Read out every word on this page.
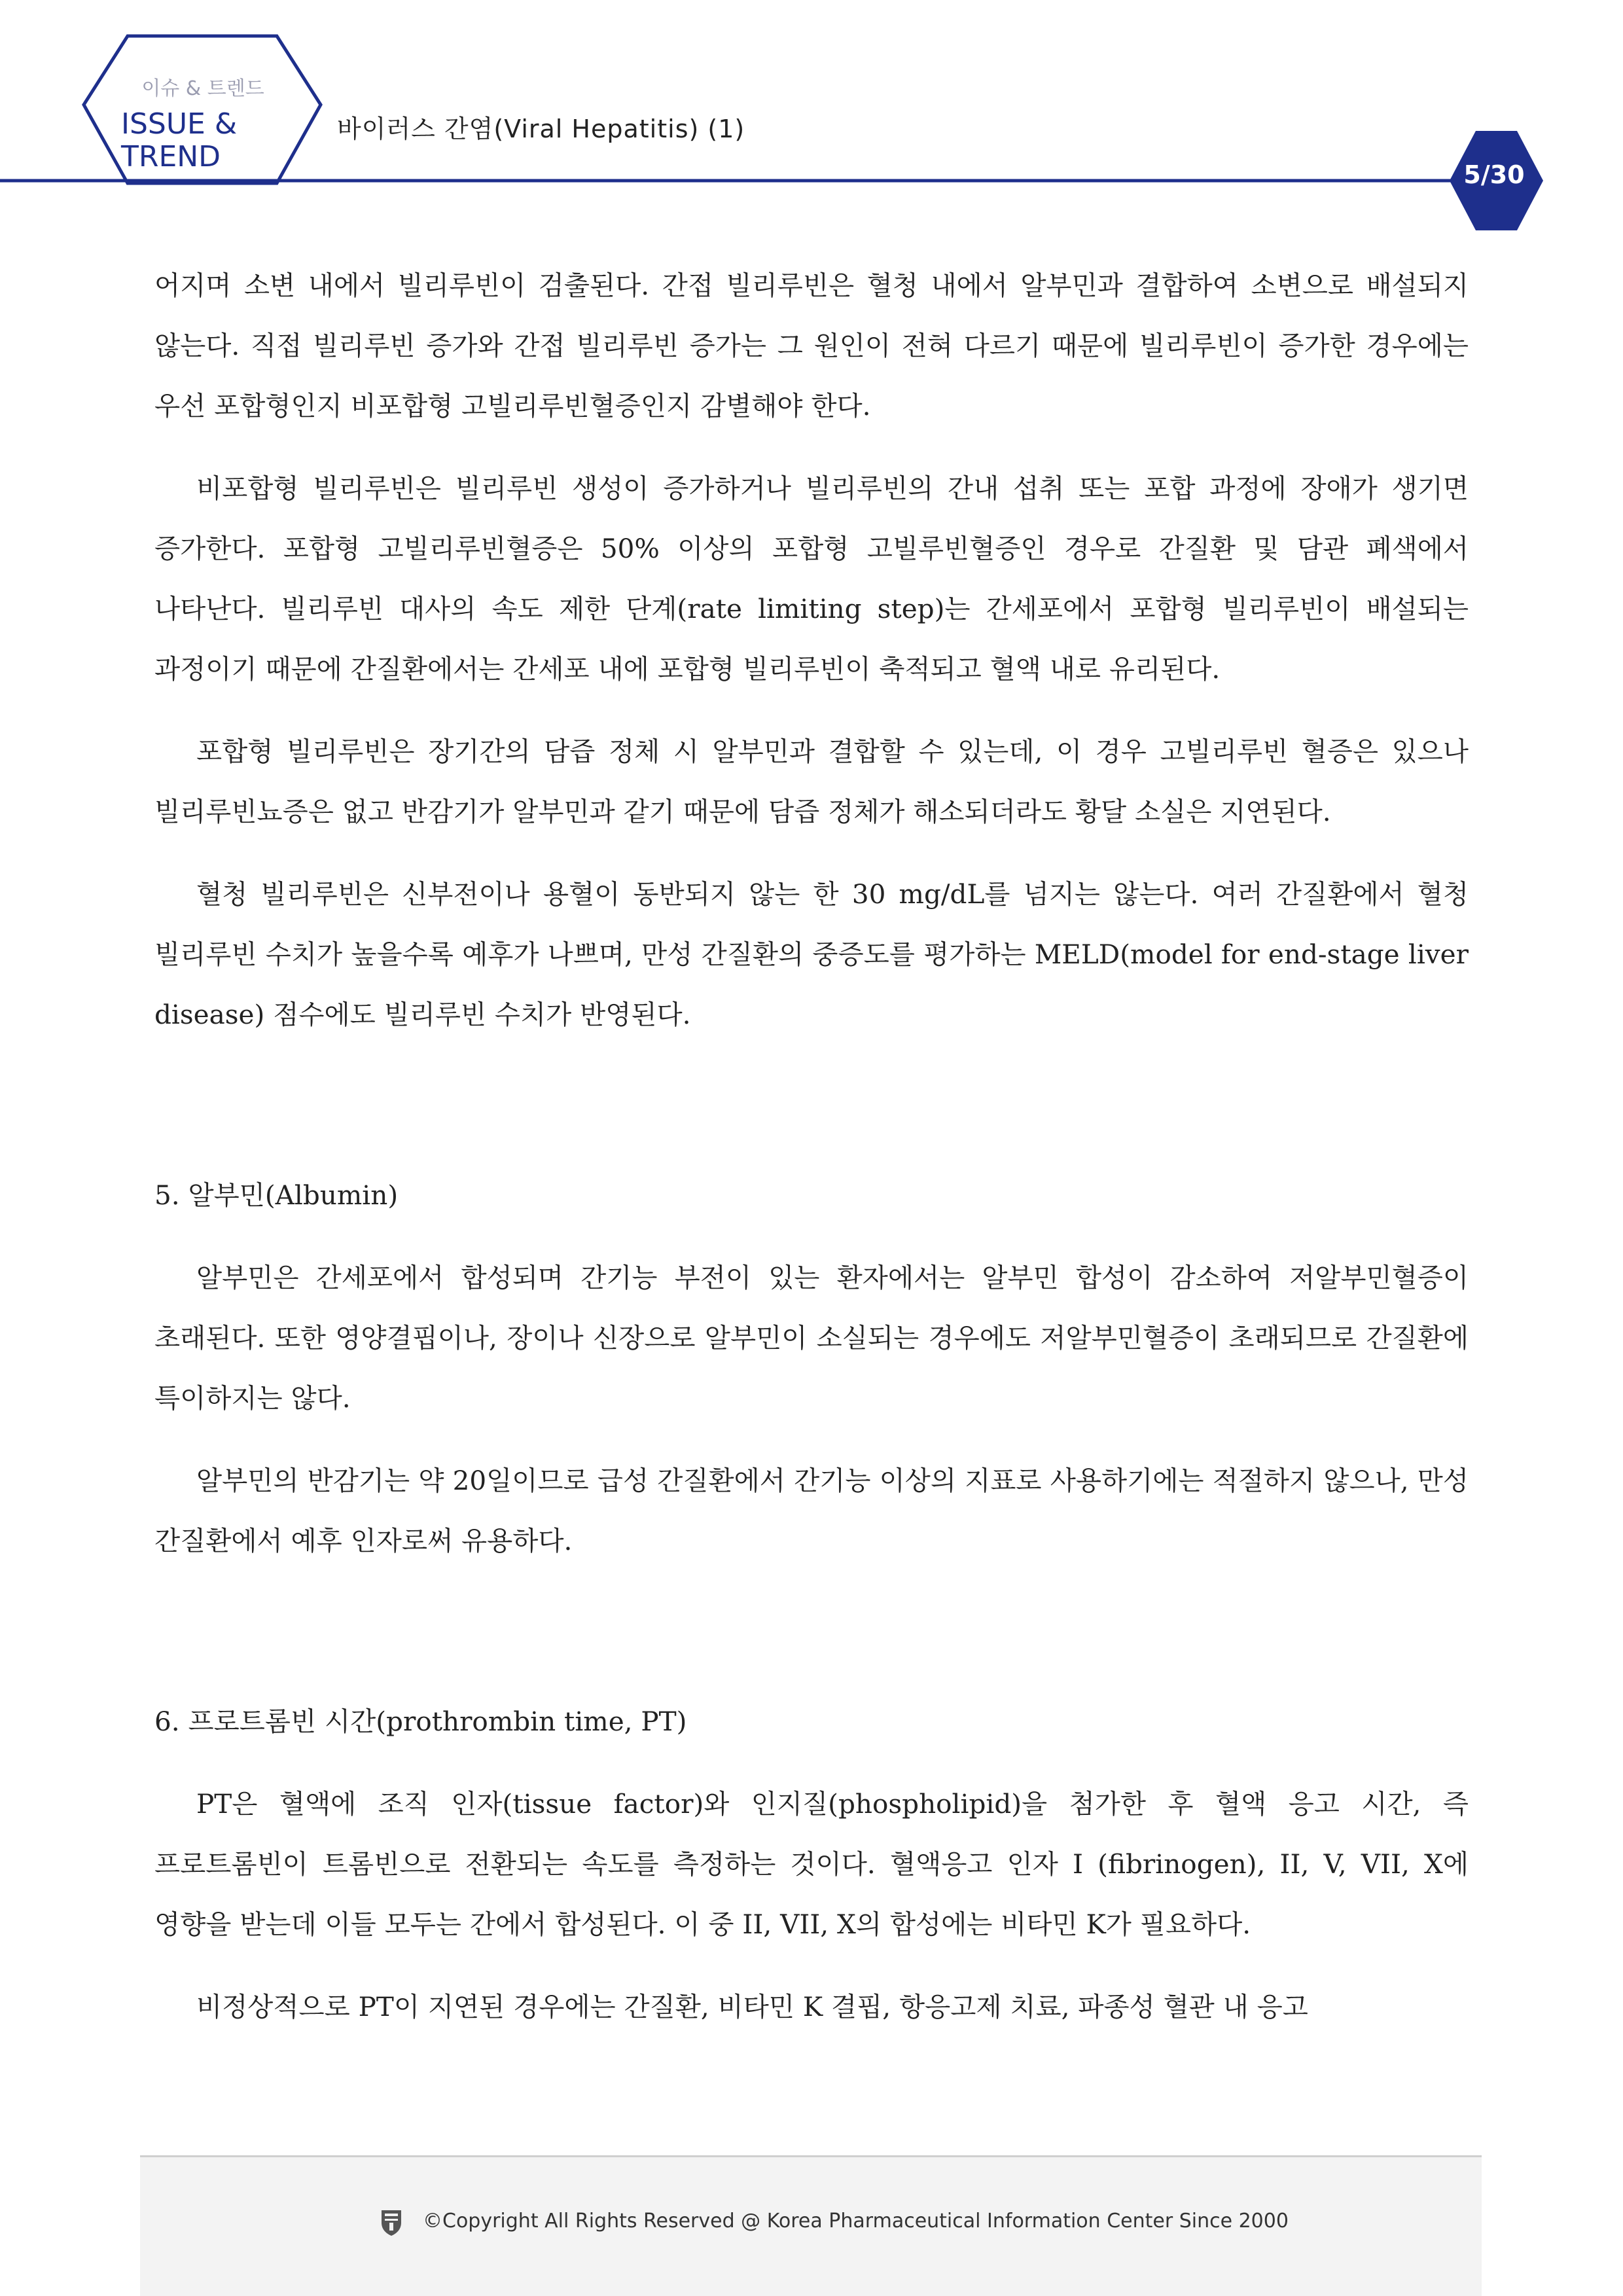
이슈 & 트렌드
ISSUE &
TREND
바이러스 간염(Viral Hepatitis) (1)
5/30

어지며 소변 내에서 빌리루빈이 검출된다. 간접 빌리루빈은 혈청 내에서 알부민과 결합하여 소변으로 배설되지 않는다. 직접 빌리루빈 증가와 간접 빌리루빈 증가는 그 원인이 전혀 다르기 때문에 빌리루빈이 증가한 경우에는 우선 포합형인지 비포합형 고빌리루빈혈증인지 감별해야 한다.

비포합형 빌리루빈은 빌리루빈 생성이 증가하거나 빌리루빈의 간내 섭취 또는 포합 과정에 장애가 생기면 증가한다. 포합형 고빌리루빈혈증은 50% 이상의 포합형 고빌루빈혈증인 경우로 간질환 및 담관 폐색에서 나타난다. 빌리루빈 대사의 속도 제한 단계(rate limiting step)는 간세포에서 포합형 빌리루빈이 배설되는 과정이기 때문에 간질환에서는 간세포 내에 포합형 빌리루빈이 축적되고 혈액 내로 유리된다.

포합형 빌리루빈은 장기간의 담즙 정체 시 알부민과 결합할 수 있는데, 이 경우 고빌리루빈 혈증은 있으나 빌리루빈뇨증은 없고 반감기가 알부민과 같기 때문에 담즙 정체가 해소되더라도 황달 소실은 지연된다.

혈청 빌리루빈은 신부전이나 용혈이 동반되지 않는 한 30 mg/dL를 넘지는 않는다. 여러 간질환에서 혈청 빌리루빈 수치가 높을수록 예후가 나쁘며, 만성 간질환의 중증도를 평가하는 MELD(model for end-stage liver disease) 점수에도 빌리루빈 수치가 반영된다.

5. 알부민(Albumin)

알부민은 간세포에서 합성되며 간기능 부전이 있는 환자에서는 알부민 합성이 감소하여 저알부민혈증이 초래된다. 또한 영양결핍이나, 장이나 신장으로 알부민이 소실되는 경우에도 저알부민혈증이 초래되므로 간질환에 특이하지는 않다.

알부민의 반감기는 약 20일이므로 급성 간질환에서 간기능 이상의 지표로 사용하기에는 적절하지 않으나, 만성 간질환에서 예후 인자로써 유용하다.

6. 프로트롬빈 시간(prothrombin time, PT)

PT은 혈액에 조직 인자(tissue factor)와 인지질(phospholipid)을 첨가한 후 혈액 응고 시간, 즉 프로트롬빈이 트롬빈으로 전환되는 속도를 측정하는 것이다. 혈액응고 인자 I (fibrinogen), II, V, VII, X에 영향을 받는데 이들 모두는 간에서 합성된다. 이 중 II, VII, X의 합성에는 비타민 K가 필요하다.

비정상적으로 PT이 지연된 경우에는 간질환, 비타민 K 결핍, 항응고제 치료, 파종성 혈관 내 응고

©Copyright All Rights Reserved @ Korea Pharmaceutical Information Center Since 2000
